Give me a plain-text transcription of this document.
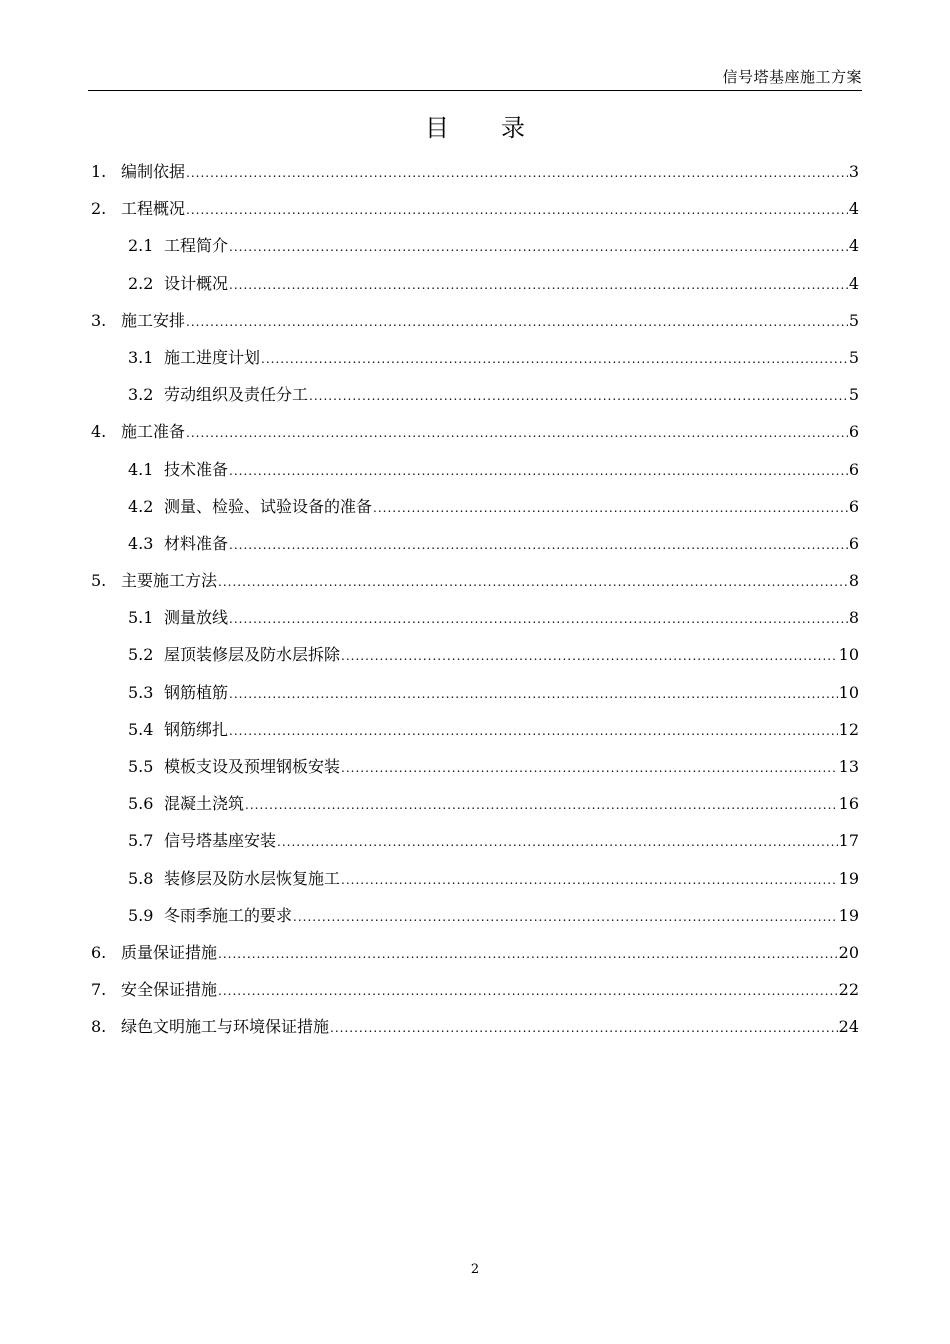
信号塔基座施工方案
目 录
1. 编制依据 .....	3
2. 工程概况 .....	4
2.1 工程简介 .....	4
2.2 设计概况 .....	4
3. 施工安排 .....	5
3.1 施工进度计划 .....	5
3.2 劳动组织及责任分工 .....	5
4. 施工准备 .....	6
4.1 技术准备 .....	6
4.2 测量、检验、试验设备的准备 .....	6
4.3 材料准备 .....	6
5. 主要施工方法 .....	8
5.1 测量放线 .....	8
5.2 屋顶装修层及防水层拆除 .....	10
5.3 钢筋植筋 .....	10
5.4 钢筋绑扎 .....	12
5.5 模板支设及预埋钢板安装 .....	13
5.6 混凝土浇筑 .....	16
5.7 信号塔基座安装 .....	17
5.8 装修层及防水层恢复施工 .....	19
5.9 冬雨季施工的要求 .....	19
6. 质量保证措施 .....	20
7. 安全保证措施 .....	22
8. 绿色文明施工与环境保证措施 .....	24
2
